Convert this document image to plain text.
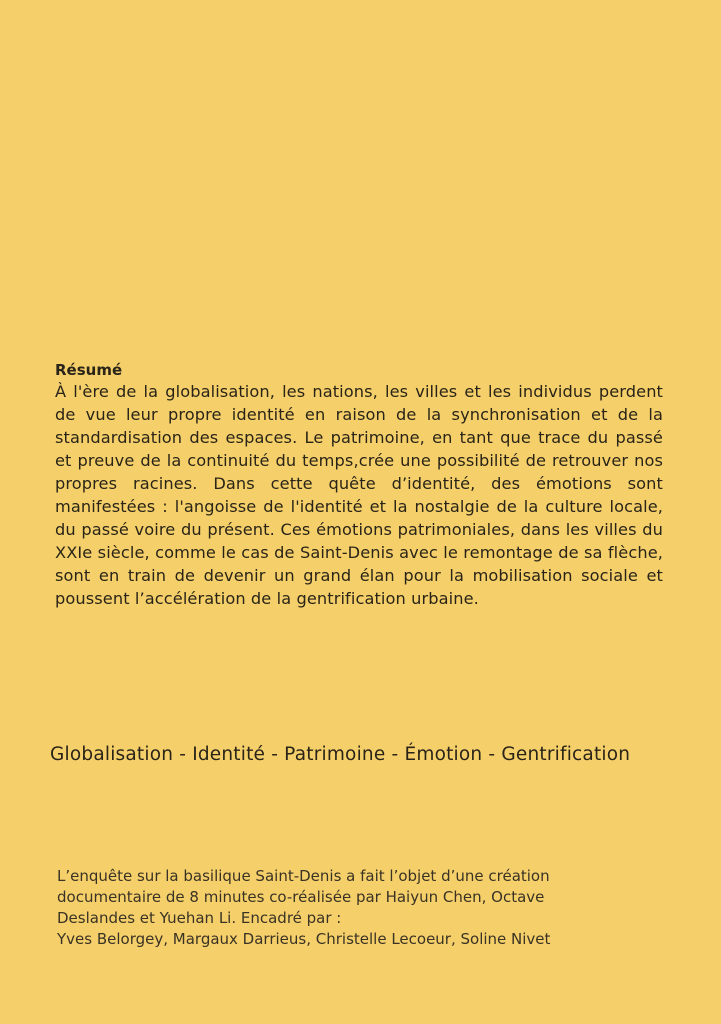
Résumé

À l'ère de la globalisation, les nations, les villes et les individus perdent de vue leur propre identité en raison de la synchronisation et de la standardisation des espaces. Le patrimoine, en tant que trace du passé et preuve de la continuité du temps,crée une possibilité de retrouver nos propres racines. Dans cette quête d’identité, des émotions sont manifestées : l'angoisse de l'identité et la nostalgie de la culture locale, du passé voire du présent. Ces émotions patrimoniales, dans les villes du XXIe siècle, comme le cas de Saint-Denis avec le remontage de sa flèche, sont en train de devenir un grand élan pour la mobilisation sociale et poussent l’accélération de la gentrification urbaine.

Globalisation - Identité - Patrimoine - Émotion - Gentrification

L’enquête sur la basilique Saint-Denis a fait l’objet d’une création documentaire de 8 minutes co-réalisée par Haiyun Chen, Octave Deslandes et Yuehan Li. Encadré par :

Yves Belorgey, Margaux Darrieus, Christelle Lecoeur, Soline Nivet
